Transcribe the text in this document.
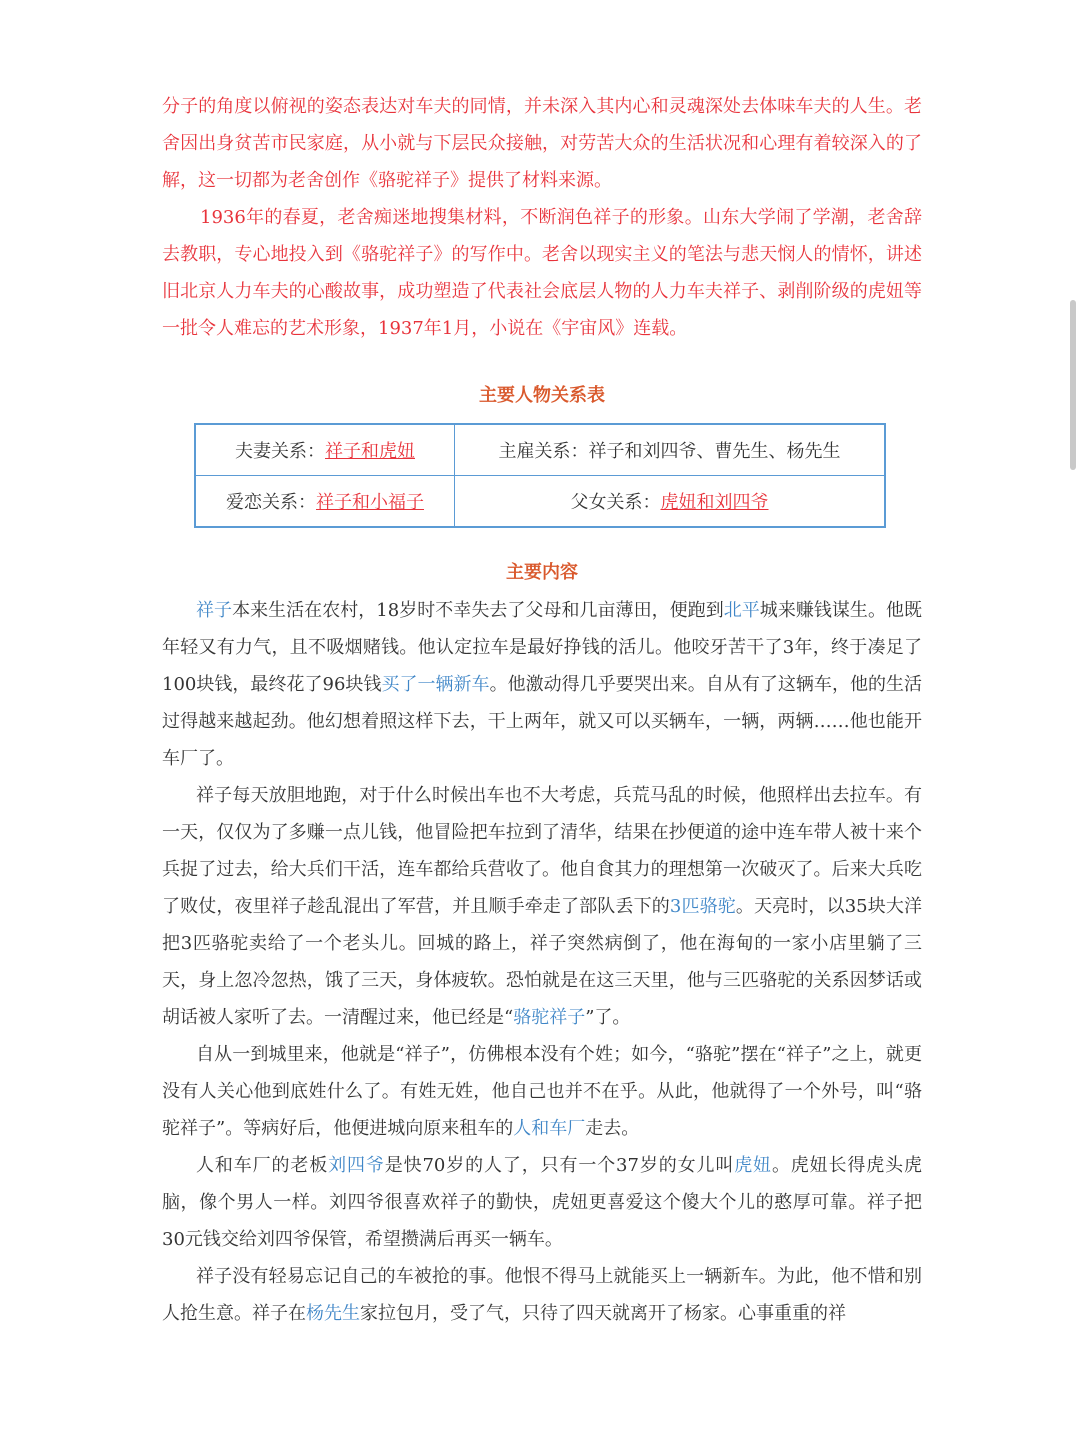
分子的角度以俯视的姿态表达对车夫的同情，并未深入其内心和灵魂深处去体味车夫的人生。老舍因出身贫苦市民家庭，从小就与下层民众接触，对劳苦大众的生活状况和心理有着较深入的了解，这一切都为老舍创作《骆驼祥子》提供了材料来源。

1936年的春夏，老舍痴迷地搜集材料，不断润色祥子的形象。山东大学闹了学潮，老舍辞去教职，专心地投入到《骆驼祥子》的写作中。老舍以现实主义的笔法与悲天悯人的情怀，讲述旧北京人力车夫的心酸故事，成功塑造了代表社会底层人物的人力车夫祥子、剥削阶级的虎妞等一批令人难忘的艺术形象，1937年1月，小说在《宇宙风》连载。

主要人物关系表
夫妻关系：祥子和虎妞	主雇关系：祥子和刘四爷、曹先生、杨先生
爱恋关系：祥子和小福子	父女关系：虎妞和刘四爷
主要内容

祥子本来生活在农村，18岁时不幸失去了父母和几亩薄田，便跑到北平城来赚钱谋生。他既年轻又有力气，且不吸烟赌钱。他认定拉车是最好挣钱的活儿。他咬牙苦干了3年，终于凑足了100块钱，最终花了96块钱买了一辆新车。他激动得几乎要哭出来。自从有了这辆车，他的生活过得越来越起劲。他幻想着照这样下去，干上两年，就又可以买辆车，一辆，两辆……他也能开车厂了。

祥子每天放胆地跑，对于什么时候出车也不大考虑，兵荒马乱的时候，他照样出去拉车。有一天，仅仅为了多赚一点儿钱，他冒险把车拉到了清华，结果在抄便道的途中连车带人被十来个兵捉了过去，给大兵们干活，连车都给兵营收了。他自食其力的理想第一次破灭了。后来大兵吃了败仗，夜里祥子趁乱混出了军营，并且顺手牵走了部队丢下的3匹骆驼。天亮时，以35块大洋把3匹骆驼卖给了一个老头儿。回城的路上，祥子突然病倒了，他在海甸的一家小店里躺了三天，身上忽冷忽热，饿了三天，身体疲软。恐怕就是在这三天里，他与三匹骆驼的关系因梦话或胡话被人家听了去。一清醒过来，他已经是“骆驼祥子”了。

自从一到城里来，他就是“祥子”，仿佛根本没有个姓；如今，“骆驼”摆在“祥子”之上，就更没有人关心他到底姓什么了。有姓无姓，他自己也并不在乎。从此，他就得了一个外号，叫“骆驼祥子”。等病好后，他便进城向原来租车的人和车厂走去。

人和车厂的老板刘四爷是快70岁的人了，只有一个37岁的女儿叫虎妞。虎妞长得虎头虎脑，像个男人一样。刘四爷很喜欢祥子的勤快，虎妞更喜爱这个傻大个儿的憨厚可靠。祥子把30元钱交给刘四爷保管，希望攒满后再买一辆车。

祥子没有轻易忘记自己的车被抢的事。他恨不得马上就能买上一辆新车。为此，他不惜和别人抢生意。祥子在杨先生家拉包月，受了气，只待了四天就离开了杨家。心事重重的祥
